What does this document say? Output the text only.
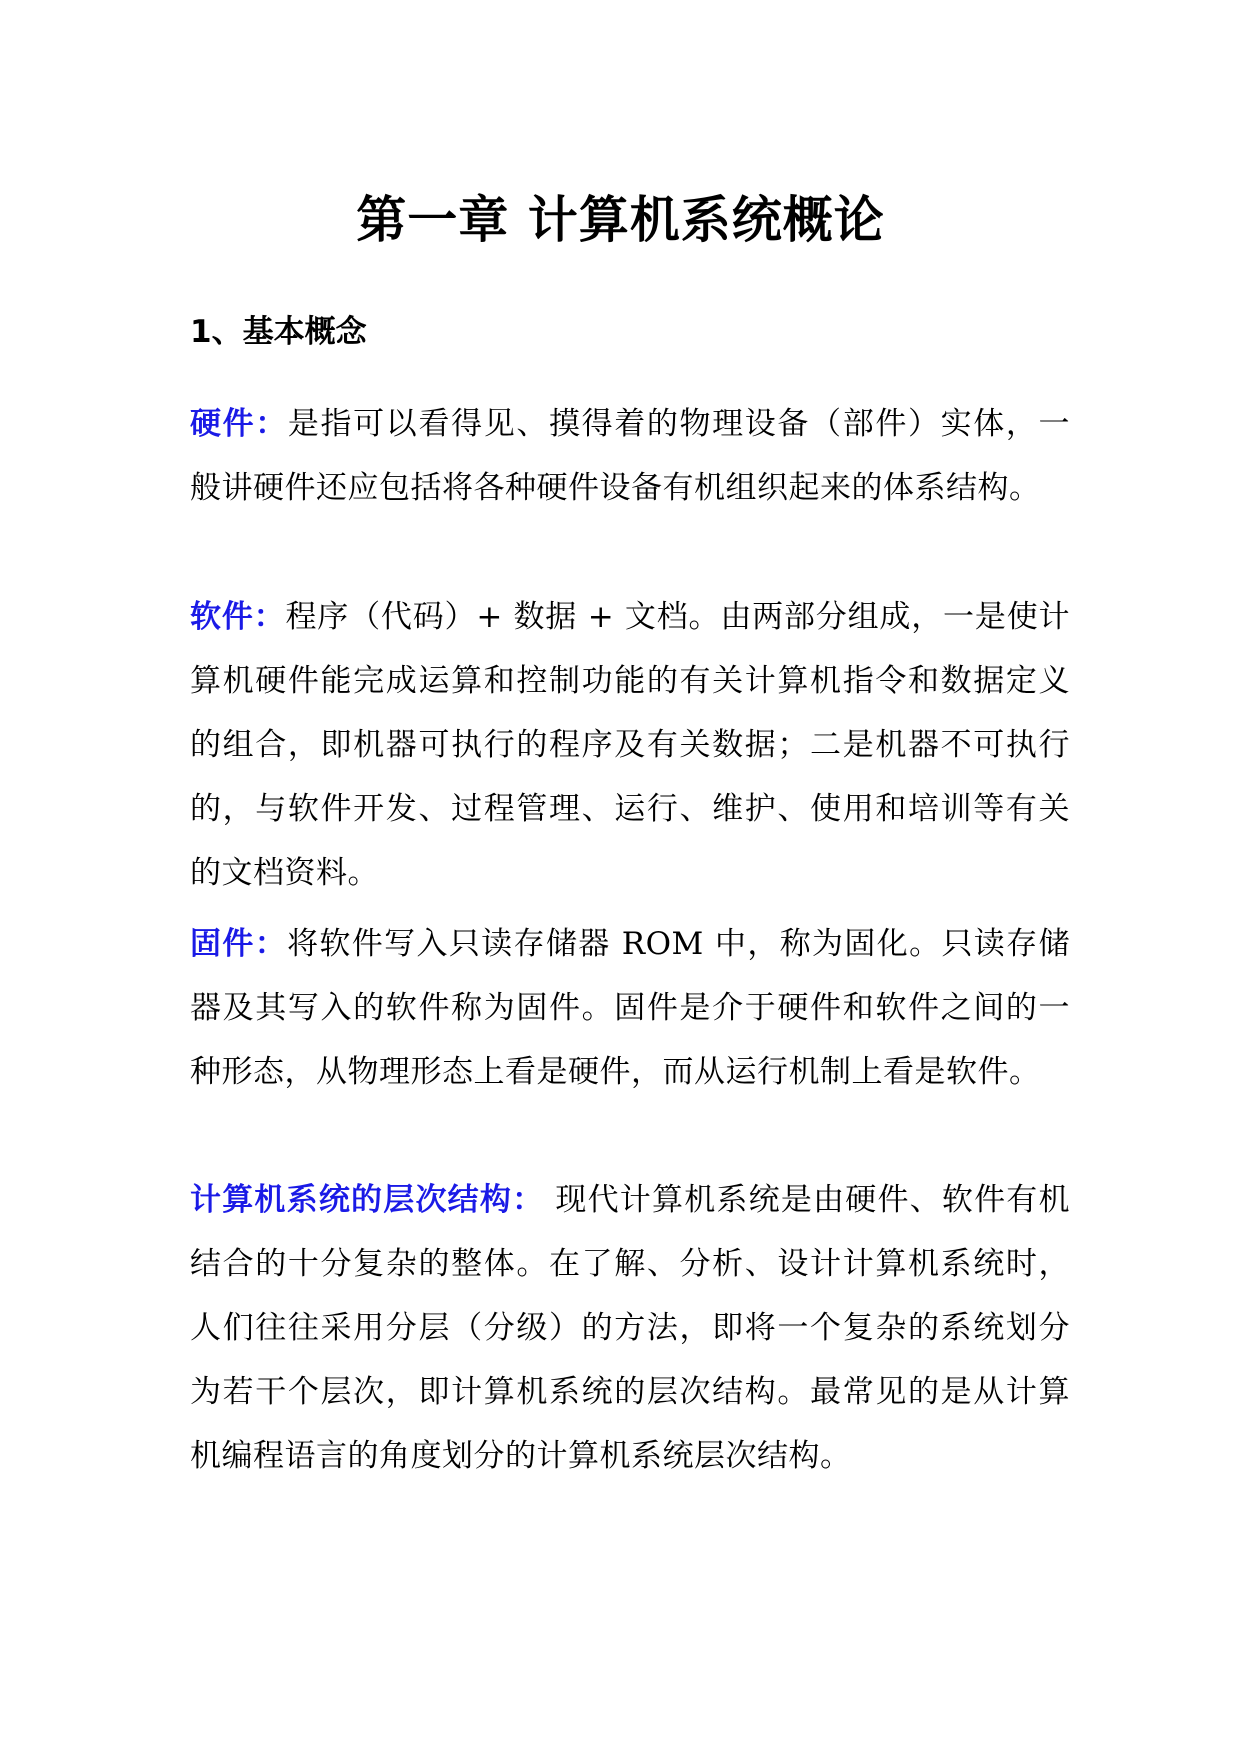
第一章 计算机系统概论
1、基本概念

硬件：是指可以看得见、摸得着的物理设备（部件）实体，一般讲硬件还应包括将各种硬件设备有机组织起来的体系结构。

软件：程序（代码）+ 数据 + 文档。由两部分组成，一是使计算机硬件能完成运算和控制功能的有关计算机指令和数据定义的组合，即机器可执行的程序及有关数据；二是机器不可执行的，与软件开发、过程管理、运行、维护、使用和培训等有关的文档资料。

固件：将软件写入只读存储器 ROM 中，称为固化。只读存储器及其写入的软件称为固件。固件是介于硬件和软件之间的一种形态，从物理形态上看是硬件，而从运行机制上看是软件。

计算机系统的层次结构： 现代计算机系统是由硬件、软件有机结合的十分复杂的整体。在了解、分析、设计计算机系统时，人们往往采用分层（分级）的方法，即将一个复杂的系统划分为若干个层次，即计算机系统的层次结构。最常见的是从计算机编程语言的角度划分的计算机系统层次结构。
